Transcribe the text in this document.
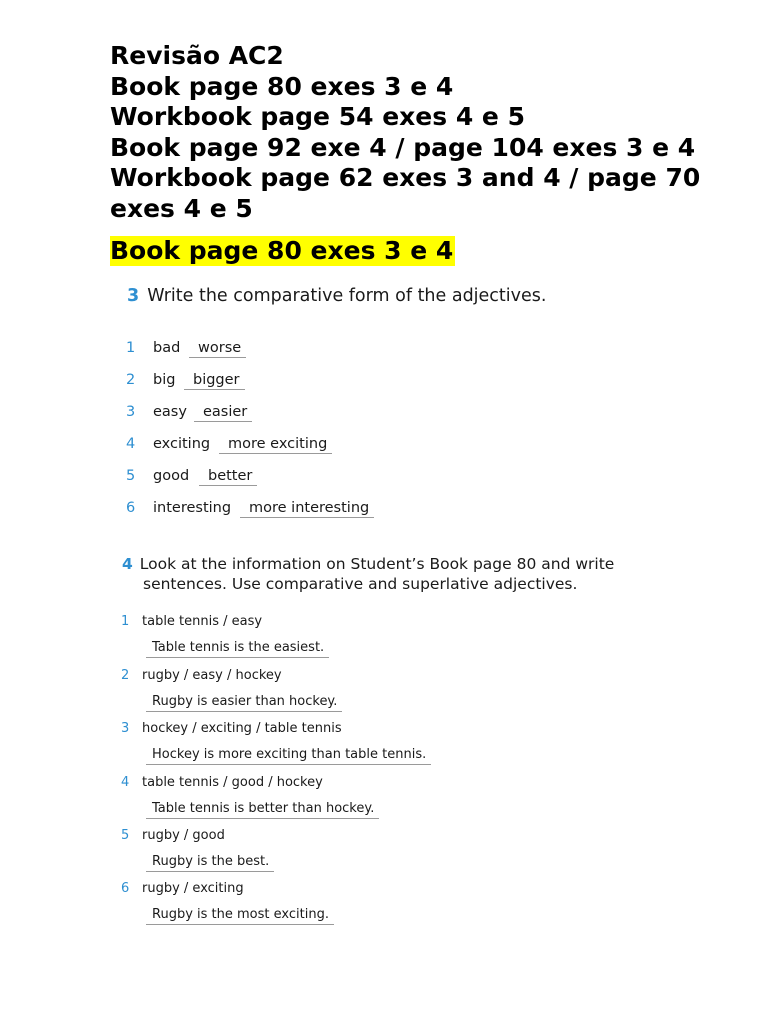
Revisão AC2
Book page 80 exes 3 e 4
Workbook page 54 exes 4 e 5
Book page 92 exe 4 / page 104 exes 3 e 4
Workbook page 62 exes 3 and 4 / page 70 exes 4 e 5
Book page 80 exes 3 e 4
3 Write the comparative form of the adjectives.
1 bad	worse
2 big	bigger
3 easy	easier
4 exciting	more exciting
5 good	better
6 interesting	more interesting
4 Look at the information on Student’s Book page 80 and write
sentences. Use comparative and superlative adjectives.
1 table tennis / easy
Table tennis is the easiest.
2 rugby / easy / hockey
Rugby is easier than hockey.
3 hockey / exciting / table tennis
Hockey is more exciting than table tennis.
4 table tennis / good / hockey
Table tennis is better than hockey.
5 rugby / good
Rugby is the best.
6 rugby / exciting
Rugby is the most exciting.
